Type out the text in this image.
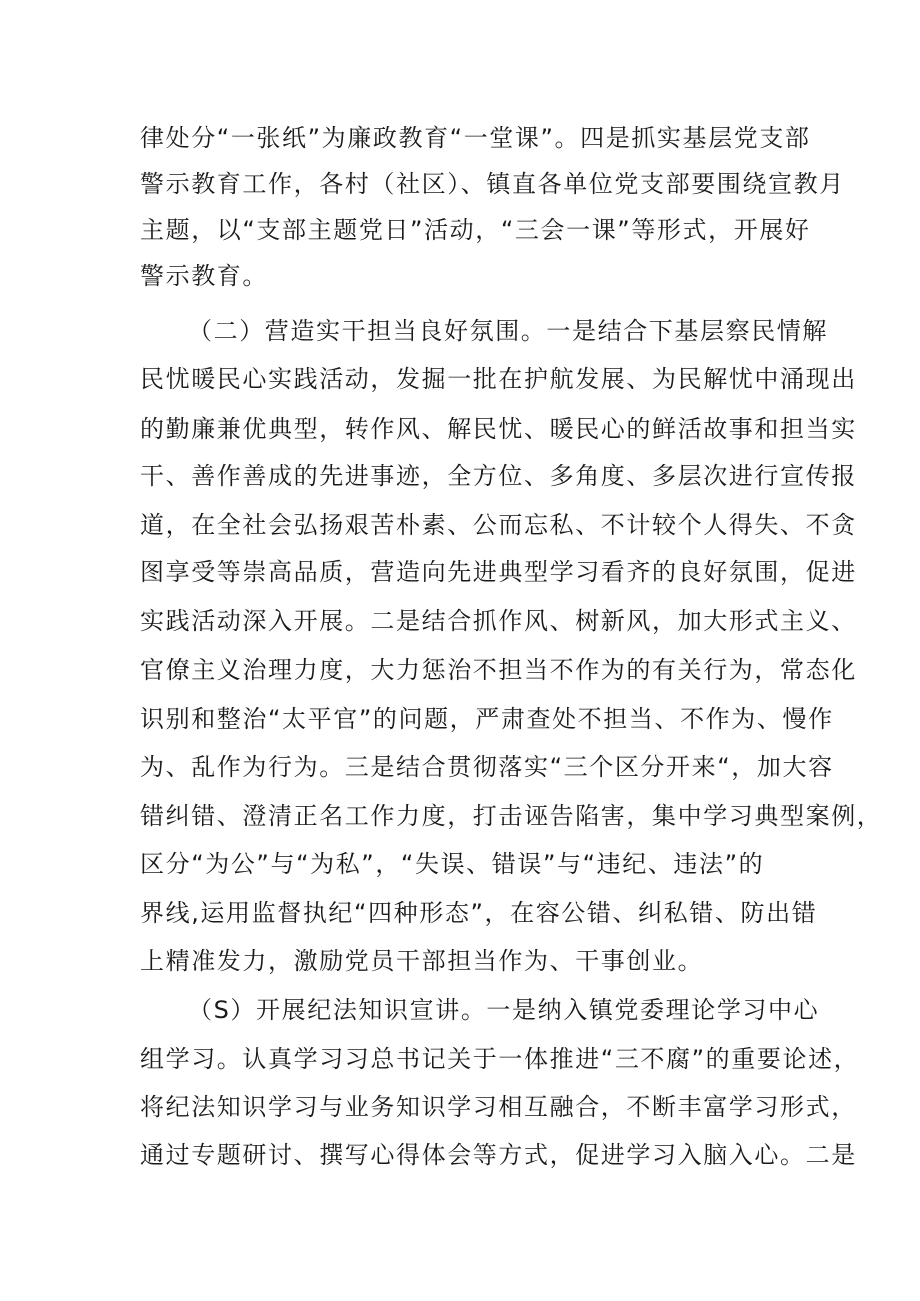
律处分“一张纸”为廉政教育“一堂课”。四是抓实基层党支部
警示教育工作，各村（社区）、镇直各单位党支部要围绕宣教月
主题，以“支部主题党日”活动，“三会一课”等形式，开展好
警示教育。
（二）营造实干担当良好氛围。一是结合下基层察民情解
民忧暖民心实践活动，发掘一批在护航发展、为民解忧中涌现出
的勤廉兼优典型，转作风、解民忧、暖民心的鲜活故事和担当实
干、善作善成的先进事迹，全方位、多角度、多层次进行宣传报
道，在全社会弘扬艰苦朴素、公而忘私、不计较个人得失、不贪
图享受等崇高品质，营造向先进典型学习看齐的良好氛围，促进
实践活动深入开展。二是结合抓作风、树新风，加大形式主义、
官僚主义治理力度，大力惩治不担当不作为的有关行为，常态化
识别和整治“太平官”的问题，严肃查处不担当、不作为、慢作
为、乱作为行为。三是结合贯彻落实“三个区分开来“，加大容
错纠错、澄清正名工作力度，打击诬告陷害，集中学习典型案例，
区分“为公”与“为私”，“失误、错误”与“违纪、违法”的
界线,运用监督执纪“四种形态”，在容公错、纠私错、防出错
上精准发力，激励党员干部担当作为、干事创业。
（S）开展纪法知识宣讲。一是纳入镇党委理论学习中心
组学习。认真学习习总书记关于一体推进“三不腐”的重要论述，
将纪法知识学习与业务知识学习相互融合，不断丰富学习形式，
通过专题研讨、撰写心得体会等方式，促进学习入脑入心。二是
